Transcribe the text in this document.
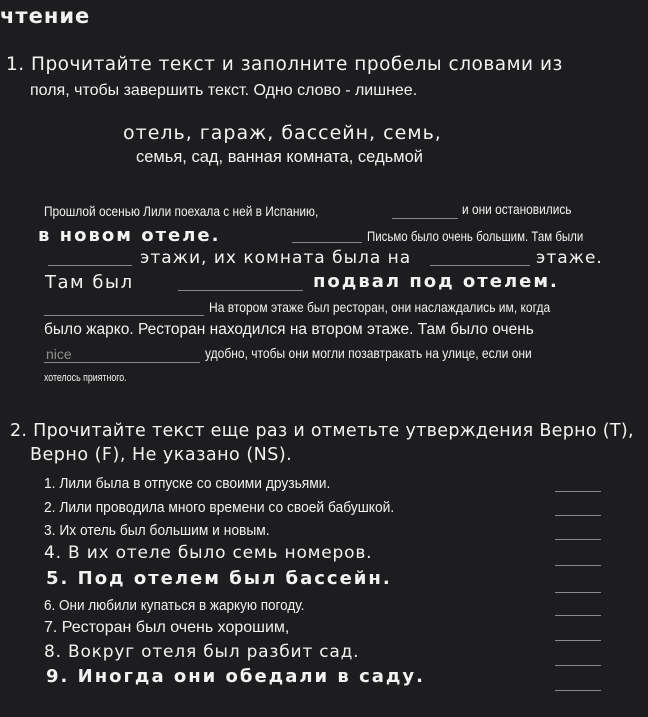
чтение
1. Прочитайте текст и заполните пробелы словами из
поля, чтобы завершить текст. Одно слово - лишнее.
отель, гараж, бассейн, семь,
семья, сад, ванная комната, седьмой
Прошлой осенью Лили поехала с ней в Испанию,	и они остановились
в новом отеле.	Письмо было очень большим. Там были
этажи, их комната была на	этаже.
Там был	подвал под отелем.
На втором этаже был ресторан, они наслаждались им, когда
было жарко. Ресторан находился на втором этаже. Там было очень
nice	удобно, чтобы они могли позавтракать на улице, если они
хотелось приятного.
2. Прочитайте текст еще раз и отметьте утверждения Верно (T),
Верно (F), Не указано (NS).
1. Лили была в отпуске со своими друзьями.
2. Лили проводила много времени со своей бабушкой.
3. Их отель был большим и новым.
4. В их отеле было семь номеров.
5. Под отелем был бассейн.
6. Они любили купаться в жаркую погоду.
7. Ресторан был очень хорошим,
8. Вокруг отеля был разбит сад.
9. Иногда они обедали в саду.
